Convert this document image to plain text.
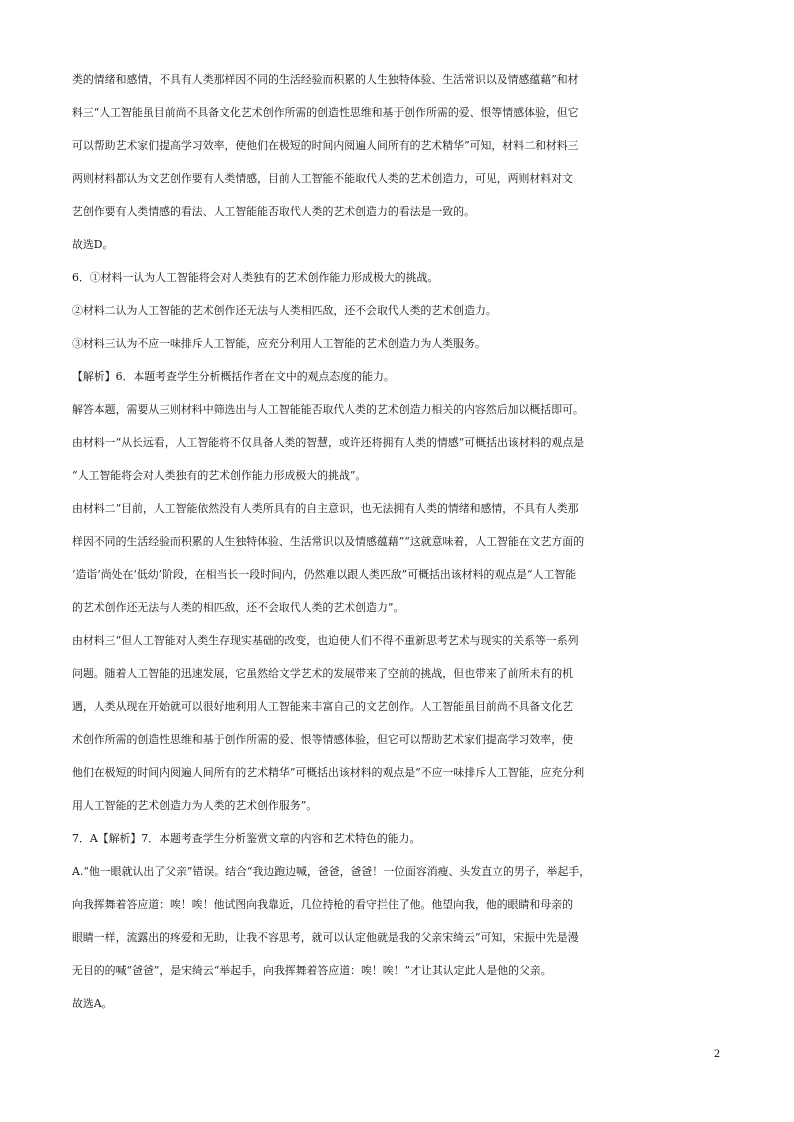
类的情绪和感情，不具有人类那样因不同的生活经验而积累的人生独特体验、生活常识以及情感蕴藉”和材

料三“人工智能虽目前尚不具备文化艺术创作所需的创造性思维和基于创作所需的爱、恨等情感体验，但它

可以帮助艺术家们提高学习效率，使他们在极短的时间内阅遍人间所有的艺术精华”可知，材料二和材料三

两则材料都认为文艺创作要有人类情感，目前人工智能不能取代人类的艺术创造力，可见，两则材料对文

艺创作要有人类情感的看法、人工智能能否取代人类的艺术创造力的看法是一致的。

故选D。

6．①材料一认为人工智能将会对人类独有的艺术创作能力形成极大的挑战。

②材料二认为人工智能的艺术创作还无法与人类相匹敌，还不会取代人类的艺术创造力。

③材料三认为不应一味排斥人工智能，应充分利用人工智能的艺术创造力为人类服务。

【解析】6．本题考查学生分析概括作者在文中的观点态度的能力。

解答本题，需要从三则材料中筛选出与人工智能能否取代人类的艺术创造力相关的内容然后加以概括即可。

由材料一“从长远看，人工智能将不仅具备人类的智慧，或许还将拥有人类的情感”可概括出该材料的观点是

“人工智能将会对人类独有的艺术创作能力形成极大的挑战”。

由材料二“目前，人工智能依然没有人类所具有的自主意识，也无法拥有人类的情绪和感情，不具有人类那

样因不同的生活经验而积累的人生独特体验、生活常识以及情感蕴藉”“这就意味着，人工智能在文艺方面的

‘造诣’尚处在‘低幼’阶段，在相当长一段时间内，仍然难以跟人类匹敌”可概括出该材料的观点是“人工智能

的艺术创作还无法与人类的相匹敌，还不会取代人类的艺术创造力”。

由材料三“但人工智能对人类生存现实基础的改变，也迫使人们不得不重新思考艺术与现实的关系等一系列

问题。随着人工智能的迅速发展，它虽然给文学艺术的发展带来了空前的挑战，但也带来了前所未有的机

遇，人类从现在开始就可以很好地利用人工智能来丰富自己的文艺创作。人工智能虽目前尚不具备文化艺

术创作所需的创造性思维和基于创作所需的爱、恨等情感体验，但它可以帮助艺术家们提高学习效率，使

他们在极短的时间内阅遍人间所有的艺术精华”可概括出该材料的观点是“不应一味排斥人工智能，应充分利

用人工智能的艺术创造力为人类的艺术创作服务”。

7．A【解析】7．本题考查学生分析鉴赏文章的内容和艺术特色的能力。

A.“他一眼就认出了父亲”错误。结合“我边跑边喊，爸爸，爸爸！一位面容消瘦、头发直立的男子，举起手，

向我挥舞着答应道：唉！唉！他试图向我靠近，几位持枪的看守拦住了他。他望向我，他的眼睛和母亲的

眼睛一样，流露出的疼爱和无助，让我不容思考，就可以认定他就是我的父亲宋绮云”可知，宋振中先是漫

无目的的喊“爸爸”，是宋绮云“举起手，向我挥舞着答应道：唉！唉！”才让其认定此人是他的父亲。

故选A。

2
